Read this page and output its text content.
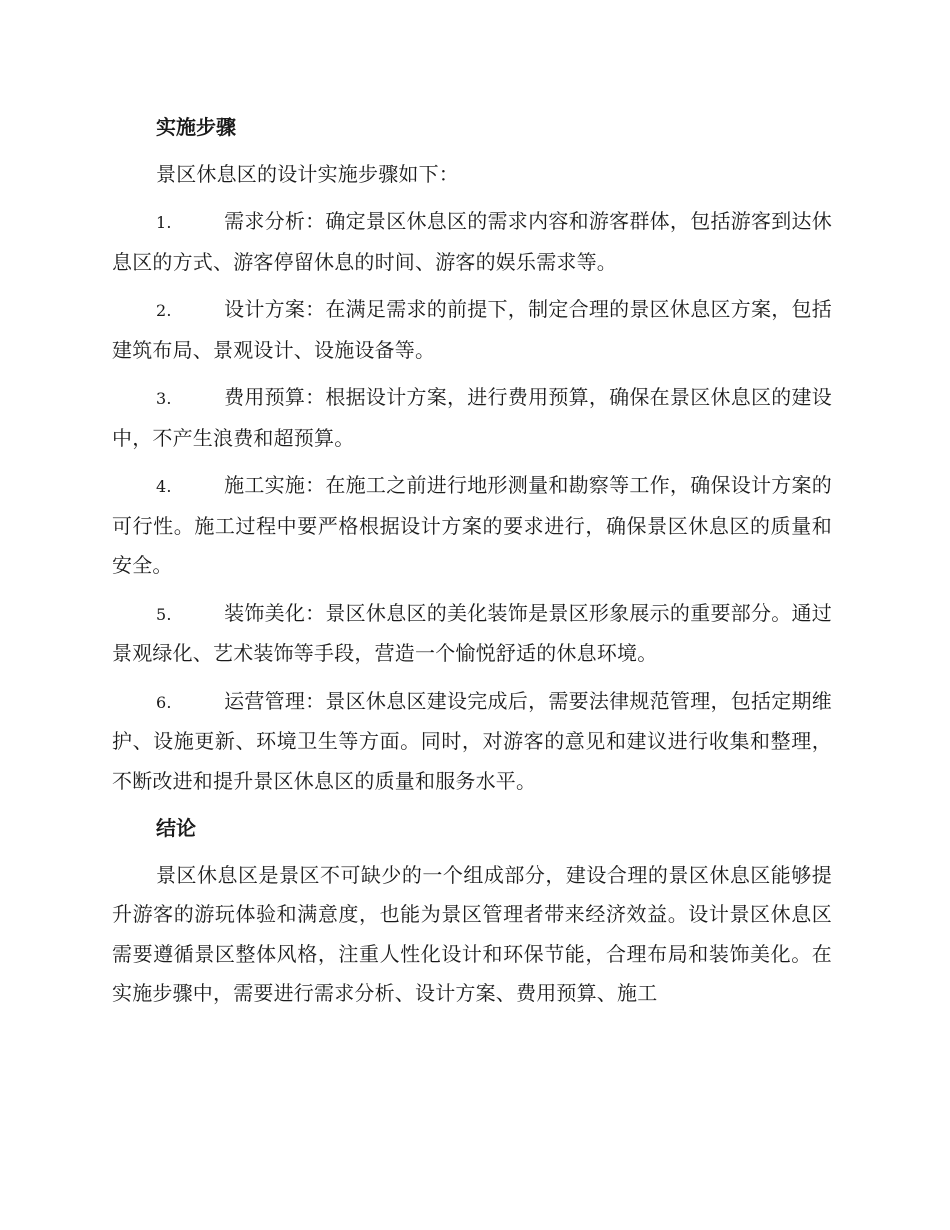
实施步骤

景区休息区的设计实施步骤如下：

1.	需求分析：确定景区休息区的需求内容和游客群体，包括游客到达休息区的方式、游客停留休息的时间、游客的娱乐需求等。
2.	设计方案：在满足需求的前提下，制定合理的景区休息区方案，包括建筑布局、景观设计、设施设备等。
3.	费用预算：根据设计方案，进行费用预算，确保在景区休息区的建设中，不产生浪费和超预算。
4.	施工实施：在施工之前进行地形测量和勘察等工作，确保设计方案的可行性。施工过程中要严格根据设计方案的要求进行，确保景区休息区的质量和安全。
5.	装饰美化：景区休息区的美化装饰是景区形象展示的重要部分。通过景观绿化、艺术装饰等手段，营造一个愉悦舒适的休息环境。
6.	运营管理：景区休息区建设完成后，需要法律规范管理，包括定期维护、设施更新、环境卫生等方面。同时，对游客的意见和建议进行收集和整理，不断改进和提升景区休息区的质量和服务水平。
结论

景区休息区是景区不可缺少的一个组成部分，建设合理的景区休息区能够提升游客的游玩体验和满意度，也能为景区管理者带来经济效益。设计景区休息区需要遵循景区整体风格，注重人性化设计和环保节能，合理布局和装饰美化。在实施步骤中，需要进行需求分析、设计方案、费用预算、施工
